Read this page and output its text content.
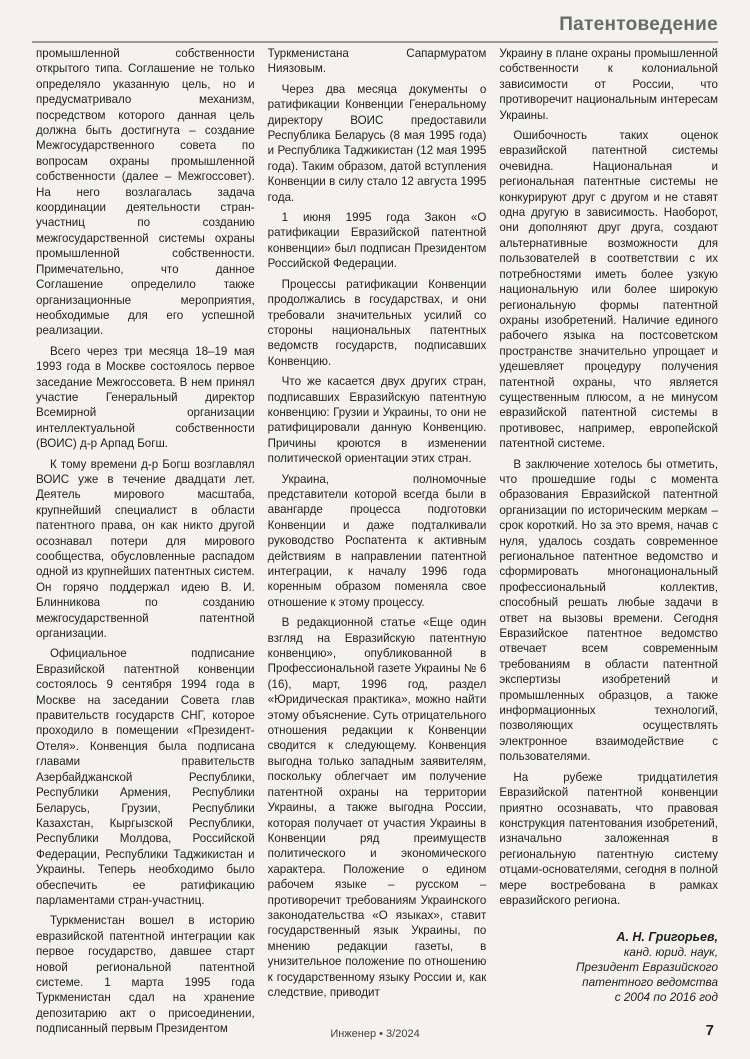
Патентоведение

промышленной собственности открытого типа. Соглашение не только определяло указанную цель, но и предусматривало механизм, посредством которого данная цель должна быть достигнута – создание Межгосударственного совета по вопросам охраны промышленной собственности (далее – Межгоссовет). На него возлагалась задача координации деятельности стран-участниц по созданию межгосударственной системы охраны промышленной собственности. Примечательно, что данное Соглашение определило также организационные мероприятия, необходимые для его успешной реализации.

Всего через три месяца 18–19 мая 1993 года в Москве состоялось первое заседание Межгоссовета. В нем принял участие Генеральный директор Всемирной организации интеллектуальной собственности (ВОИС) д-р Арпад Богш.

К тому времени д-р Богш возглавлял ВОИС уже в течение двадцати лет. Деятель мирового масштаба, крупнейший специалист в области патентного права, он как никто другой осознавал потери для мирового сообщества, обусловленные распадом одной из крупнейших патентных систем. Он горячо поддержал идею В. И. Блинникова по созданию межгосударственной патентной организации.

Официальное подписание Евразийской патентной конвенции состоялось 9 сентября 1994 года в Москве на заседании Совета глав правительств государств СНГ, которое проходило в помещении «Президент-Отеля». Конвенция была подписана главами правительств Азербайджанской Республики, Республики Армения, Республики Беларусь, Грузии, Республики Казахстан, Кыргызской Республики, Республики Молдова, Российской Федерации, Республики Таджикистан и Украины. Теперь необходимо было обеспечить ее ратификацию парламентами стран-участниц.

Туркменистан вошел в историю евразийской патентной интеграции как первое государство, давшее старт новой региональной патентной системе. 1 марта 1995 года Туркменистан сдал на хранение депозитарию акт о присоединении, подписанный первым Президентом

Туркменистана Сапармуратом Ниязовым.

Через два месяца документы о ратификации Конвенции Генеральному директору ВОИС предоставили Республика Беларусь (8 мая 1995 года) и Республика Таджикистан (12 мая 1995 года). Таким образом, датой вступления Конвенции в силу стало 12 августа 1995 года.

1 июня 1995 года Закон «О ратификации Евразийской патентной конвенции» был подписан Президентом Российской Федерации.

Процессы ратификации Конвенции продолжались в государствах, и они требовали значительных усилий со стороны национальных патентных ведомств государств, подписавших Конвенцию.

Что же касается двух других стран, подписавших Евразийскую патентную конвенцию: Грузии и Украины, то они не ратифицировали данную Конвенцию. Причины кроются в изменении политической ориентации этих стран.

Украина, полномочные представители которой всегда были в авангарде процесса подготовки Конвенции и даже подталкивали руководство Роспатента к активным действиям в направлении патентной интеграции, к началу 1996 года коренным образом поменяла свое отношение к этому процессу.

В редакционной статье «Еще один взгляд на Евразийскую патентную конвенцию», опубликованной в Профессиональной газете Украины № 6 (16), март, 1996 год, раздел «Юридическая практика», можно найти этому объяснение. Суть отрицательного отношения редакции к Конвенции сводится к следующему. Конвенция выгодна только западным заявителям, поскольку облегчает им получение патентной охраны на территории Украины, а также выгодна России, которая получает от участия Украины в Конвенции ряд преимуществ политического и экономического характера. Положение о едином рабочем языке – русском – противоречит требованиям Украинского законодательства «О языках», ставит государственный язык Украины, по мнению редакции газеты, в унизительное положение по отношению к государственному языку России и, как следствие, приводит

Украину в плане охраны промышленной собственности к колониальной зависимости от России, что противоречит национальным интересам Украины.

Ошибочность таких оценок евразийской патентной системы очевидна. Национальная и региональная патентные системы не конкурируют друг с другом и не ставят одна другую в зависимость. Наоборот, они дополняют друг друга, создают альтернативные возможности для пользователей в соответствии с их потребностями иметь более узкую национальную или более широкую региональную формы патентной охраны изобретений. Наличие единого рабочего языка на постсоветском пространстве значительно упрощает и удешевляет процедуру получения патентной охраны, что является существенным плюсом, а не минусом евразийской патентной системы в противовес, например, европейской патентной системе.

В заключение хотелось бы отметить, что прошедшие годы с момента образования Евразийской патентной организации по историческим меркам – срок короткий. Но за это время, начав с нуля, удалось создать современное региональное патентное ведомство и сформировать многонациональный профессиональный коллектив, способный решать любые задачи в ответ на вызовы времени. Сегодня Евразийское патентное ведомство отвечает всем современным требованиям в области патентной экспертизы изобретений и промышленных образцов, а также информационных технологий, позволяющих осуществлять электронное взаимодействие с пользователями.

На рубеже тридцатилетия Евразийской патентной конвенции приятно осознавать, что правовая конструкция патентования изобретений, изначально заложенная в региональную патентную систему отцами-основателями, сегодня в полной мере востребована в рамках евразийского региона.

А. Н. Григорьев,
канд. юрид. наук,
Президент Евразийского
патентного ведомства
с 2004 по 2016 год
Инженер • 3/2024	7
